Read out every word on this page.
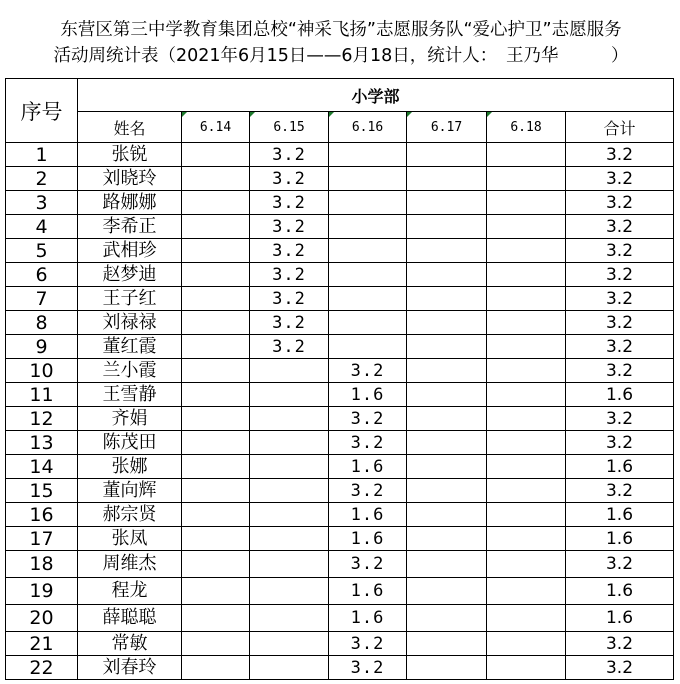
东营区第三中学教育集团总校“神采飞扬”志愿服务队“爱心护卫”志愿服务
活动周统计表（2021年6月15日——6月18日，统计人：　王乃华　　　）
序号	小学部						
	姓名	6.14	6.15	6.16	6.17	6.18	合计
1	张锐		3.2				3.2
2	刘晓玲		3.2				3.2
3	路娜娜		3.2				3.2
4	李希正		3.2				3.2
5	武相珍		3.2				3.2
6	赵梦迪		3.2				3.2
7	王子红		3.2				3.2
8	刘禄禄		3.2				3.2
9	董红霞		3.2				3.2
10	兰小霞			3.2			3.2
11	王雪静			1.6			1.6
12	齐娟			3.2			3.2
13	陈茂田			3.2			3.2
14	张娜			1.6			1.6
15	董向辉			3.2			3.2
16	郝宗贤			1.6			1.6
17	张凤			1.6			1.6
18	周维杰			3.2			3.2
19	程龙			1.6			1.6
20	薛聪聪			1.6			1.6
21	常敏			3.2			3.2
22	刘春玲			3.2			3.2
